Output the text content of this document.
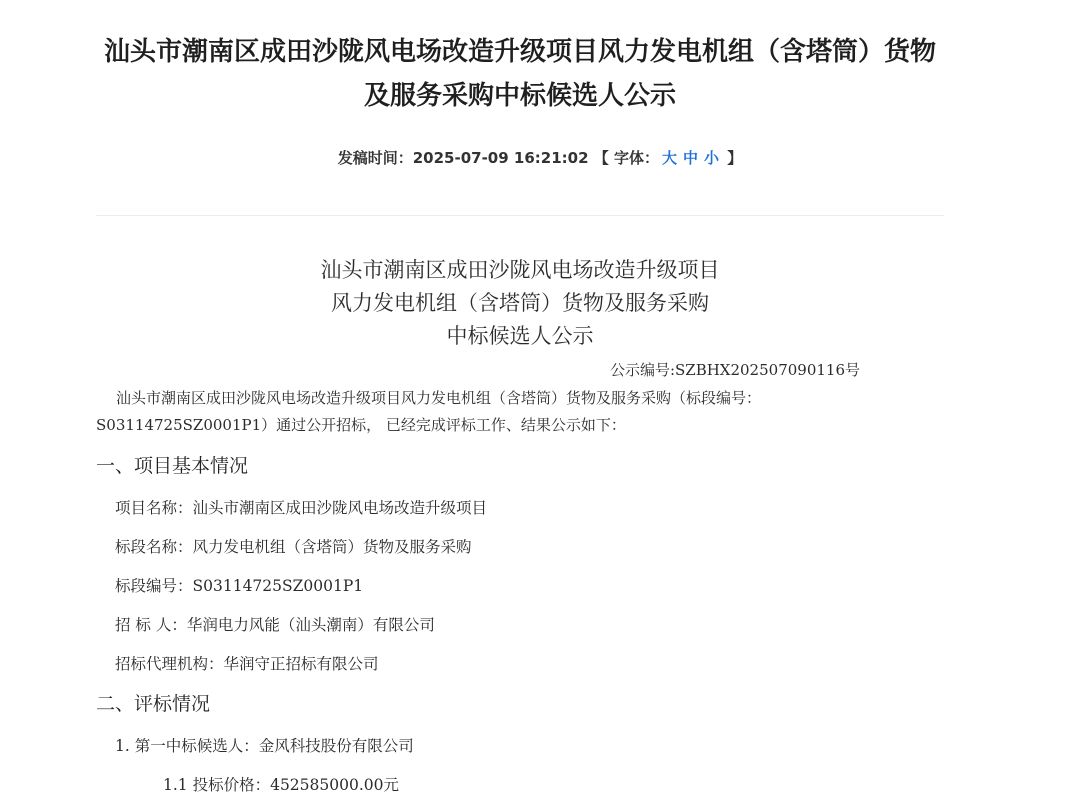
汕头市潮南区成田沙陇风电场改造升级项目风力发电机组（含塔筒）货物及服务采购中标候选人公示
发稿时间：2025-07-09 16:21:02 【 字体： 大 中 小 】
汕头市潮南区成田沙陇风电场改造升级项目
风力发电机组（含塔筒）货物及服务采购
中标候选人公示
公示编号:SZBHX202507090116号

汕头市潮南区成田沙陇风电场改造升级项目风力发电机组（含塔筒）货物及服务采购（标段编号：S03114725SZ0001P1）通过公开招标， 已经完成评标工作、结果公示如下：

一、项目基本情况
项目名称：汕头市潮南区成田沙陇风电场改造升级项目
标段名称：风力发电机组（含塔筒）货物及服务采购
标段编号：S03114725SZ0001P1
招 标 人：华润电力风能（汕头潮南）有限公司
招标代理机构：华润守正招标有限公司
二、评标情况
1. 第一中标候选人：金风科技股份有限公司
1.1 投标价格：452585000.00元
